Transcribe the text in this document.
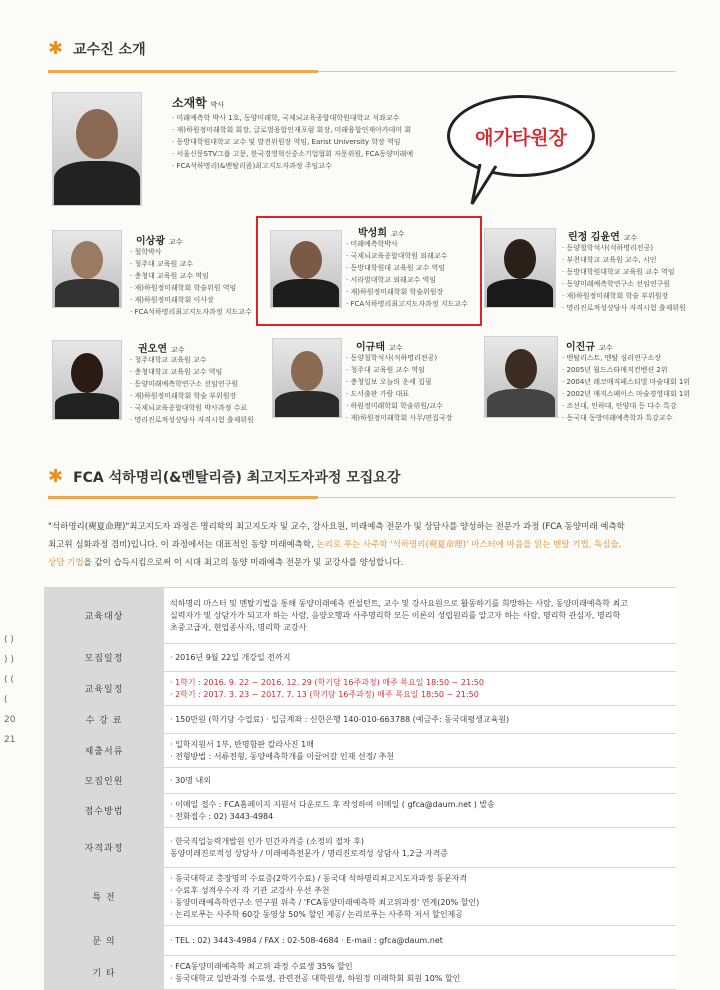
✱ 교수진 소개
소재학 박사
· 미래예측학 박사 1호, 동양미래학, 국제뇌교육종합대학원대학교 석좌교수
· 재)하원정미래학회 회장, 글로벌융합인재포럼 회장, 미래융합인재아카데미 회
· 동방대학원대학교 교수 및 발전위원장 역임, Earist University 학장 역임
· 서울신문STV그룹 고문, 한국경영혁신중소기업협회 자문위원, FCA동양미래예
· FCA석하명리(&멘탈리즘)최고지도자과정 주임교수
애가타원장
이상광 교수
· 철학박사
· 청주대 교육원 교수
· 충청대 교육원 교수 역임
· 재)하원정미래학회 학술위원 역임
· 재)하원정미래학회 이사장
· FCA석하명리최고지도자과정 지도교수
박성희 교수
· 미래예측학박사
· 국제뇌교육종합대학원 외래교수
· 동방대학원대 교육원 교수 역임
· 서라벌대학교 외래교수 역임
· 재)하원정미래학회 학술위원장
· FCA석하명리최고지도자과정 지도교수
린정 김윤연 교수
· 동양철학석사(석하명리전공)
· 부천대학교 교육원 교수, 시인
· 동방대학원대학교 교육원 교수 역임
· 동양미래예측학연구소 선임연구원
· 재)하원정미래학회 학술 부위원장
· 명리진로적성상담사 자격시험 출제위원
권오연 교수
· 청주대학교 교육원 교수
· 충청대학교 교육원 교수 역임
· 동양미래예측학연구소 선임연구원
· 재)하원정미래학회 학술 부위원장
· 국제뇌교육종합대학원 박사과정 수료
· 명리진로적성상담사 자격시험 출제위원
이규태 교수
· 동양철학석사(석하명리전공)
· 청주대 교육원 교수 역임
· 충청일보 오늘의 운세 집필
· 도서출판 가람 대표
· 하원정미래학회 학술위원/교수
· 재)하원정미래학회 사무/편집국장
이진규 교수
· 멘탈리스트, 멘탈 심리연구소장
· 2005년 월드스타매직컨벤션 2위
· 2004년 레코매직페스티벌 마술대회 1위
· 2002년 매직스페이스 마술경영대회 1위
· 조선대, 인하대, 안양대 등 다수 특강
· 동국대 동방미래예측학과 특강교수
✱ FCA 석하명리(&멘탈리즘) 최고지도자과정 모집요강
"석하명리(奭夏命理)"최고지도자 과정은 명리학의 최고지도자 및 교수, 강사요원, 미래예측 전문가 및 상담사를 양성하는 전문가 과정 (FCA 동양미래 예측학
최고위 심화과정 겸비)입니다. 이 과정에서는 대표적인 동양 미래예측학, 논리로 푸는 사주학 '석하명리(奭夏命理)' 마스터에 마음을 읽는 멘탈 기법, 독심술,
상담 기법을 같이 습득시킴으로써 이 시대 최고의 동양 미래예측 전문가 및 교강사를 양성합니다.
교육대상	석하명리 마스터 및 멘탈기법을 통해 동양미래예측 컨설턴트, 교수 및 강사요원으로 활동하기를 희망하는 사람, 동양미래예측학 최고
실력자가 및 상담가가 되고자 하는 사람, 음양오행과 사주명리학 모든 이론의 성립원리를 알고자 하는 사람, 명리학 관심자, 명리학
초중고급자, 현업종사자, 명리학 교강사

모집일정	· 2016년 9월 22일 개강일 전까지

교육일정	· 1학기 : 2016. 9. 22 ~ 2016. 12. 29 (학기당 16주과정) 매주 목요일 18:50 ~ 21:50
· 2학기 : 2017. 3. 23 ~ 2017. 7. 13 (학기당 16주과정) 매주 목요일 18:50 ~ 21:50

수 강 료	· 150만원 (학기당 수업료) · 입금계좌 : 신한은행 140-010-663788 (예금주: 동국대평생교육원)

제출서류	· 입학지원서 1부, 반명함판 칼라사진 1매
· 전형방법 : 서류전형, 동양예측학개를 이끌어갈 인재 선정/ 추천

모집인원	· 30명 내외

접수방법	· 이메일 접수 : FCA홈페이지 지원서 다운로드 후 작성하여 이메일 ( gfca@daum.net ) 발송
· 전화접수 : 02) 3443-4984

자격과정	· 한국직업능력개발원 인가 민간자격증 (소정의 절차 후)
동양미래진로적성 상담사 / 미래예측전문가 / 명리진로적성 상담사 1,2급 자격증

특 전	· 동국대학교 총장명의 수료증(2학기수료) / 동국대 석하명리최고지도자과정 동문자격
· 수료후 성적우수자 각 기관 교강사 우선 추천
· 동양미래예측학연구소 연구원 위촉 / 'FCA동양미래예측학 최고위과정' 연계(20% 할인)
· 논리로푸는 사주학 60강 동영상 50% 할인 제공/ 논리로푸는 사주학 저서 할인제공

문 의	· TEL : 02) 3443-4984 / FAX : 02-508-4684 · E-mail : gfca@daum.net

기 타	· FCA동양미래예측학 최고위 과정 수료생 35% 할인
· 동국대학교 일반과정 수료생, 관련전공 대학원생, 하원정 미래학회 회원 10% 할인
( ) ) ) ( ( ( 20 21
